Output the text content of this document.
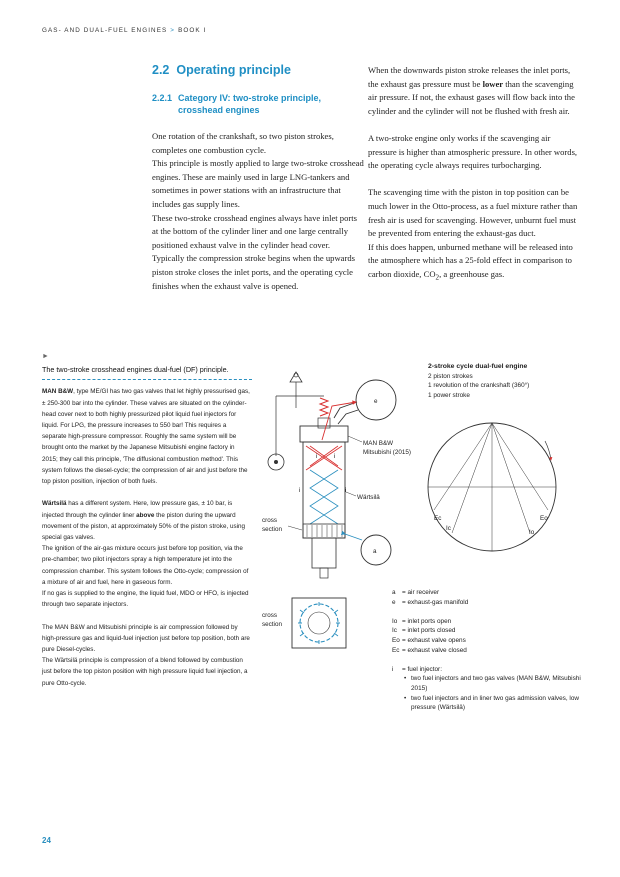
GAS- AND DUAL-FUEL ENGINES > BOOK I
2.2 Operating principle
2.2.1 Category IV: two-stroke principle,
crosshead engines

One rotation of the crankshaft, so two piston strokes, completes one combustion cycle.

This principle is mostly applied to large two-stroke crosshead engines. These are mainly used in large LNG-tankers and sometimes in power stations with an infrastructure that includes gas supply lines.

These two-stroke crosshead engines always have inlet ports at the bottom of the cylinder liner and one large centrally positioned exhaust valve in the cylinder head cover.

Typically the compression stroke begins when the upwards piston stroke closes the inlet ports, and the operating cycle finishes when the exhaust valve is opened.

When the downwards piston stroke releases the inlet ports, the exhaust gas pressure must be lower than the scavenging air pressure. If not, the exhaust gases will flow back into the cylinder and the cylinder will not be flushed with fresh air.

A two-stroke engine only works if the scavenging air pressure is higher than atmospheric pressure. In other words, the operating cycle always requires turbocharging.

The scavenging time with the piston in top position can be much lower in the Otto-process, as a fuel mixture rather than fresh air is used for scavenging. However, unburnt fuel must be prevented from entering the exhaust-gas duct.

If this does happen, unburned methane will be released into the atmosphere which has a 25-fold effect in comparison to carbon dioxide, $CO_2$, a greenhouse gas.

►
The two-stroke crosshead engines dual-fuel (DF) principle.

MAN B&W, type ME/GI has two gas valves that let highly pressurised gas, ± 250-300 bar into the cylinder. These valves are situated on the cylinder-head cover next to both highly pressurized pilot liquid fuel injectors for liquid. For LPG, the pressure increases to 550 bar! This requires a separate high-pressure compressor. Roughly the same system will be brought onto the market by the Japanese Mitsubishi engine factory in 2015; they call this principle, 'The diffusional combustion method'. This system follows the diesel-cycle; the compression of air and just before the top piston position, injection of both fuels.

Wärtsilä has a different system. Here, low pressure gas, ± 10 bar, is injected through the cylinder liner above the piston during the upward movement of the piston, at approximately 50% of the piston stroke, using special gas valves.

The ignition of the air-gas mixture occurs just before top position, via the pre-chamber; two pilot injectors spray a high temperature jet into the compression chamber. This system follows the Otto-cycle; compression of a mixture of air and fuel, here in gaseous form.

If no gas is supplied to the engine, the liquid fuel, MDO or HFO, is injected through two separate injectors.

The MAN B&W and Mitsubishi principle is air compression followed by high-pressure gas and liquid-fuel injection just before top position, both are pure Diesel-cycles.

The Wärtsilä principle is compression of a blend followed by combustion just before the top piston position with high pressure liquid fuel injection, a pure Otto-cycle.

e
a
i	i
i	i
MAN B&W
Mitsubishi (2015)
Wärtsilä
cross
section
cross
section
Ec	Eo
Ic
Io
2-stroke cycle dual-fuel engine
2 piston strokes
1 revolution of the crankshaft (360°)
1 power stroke
a	= air receiver
e	= exhaust-gas manifold
Io = inlet ports open
Ic = inlet ports closed
Eo = exhaust valve opens
Ec = exhaust valve closed
i	= fuel injector:
• two fuel injectors and two gas valves (MAN B&W, Mitsubishi 2015)
• two fuel injectors and in liner two gas admission valves, low pressure (Wärtsilä)
24
